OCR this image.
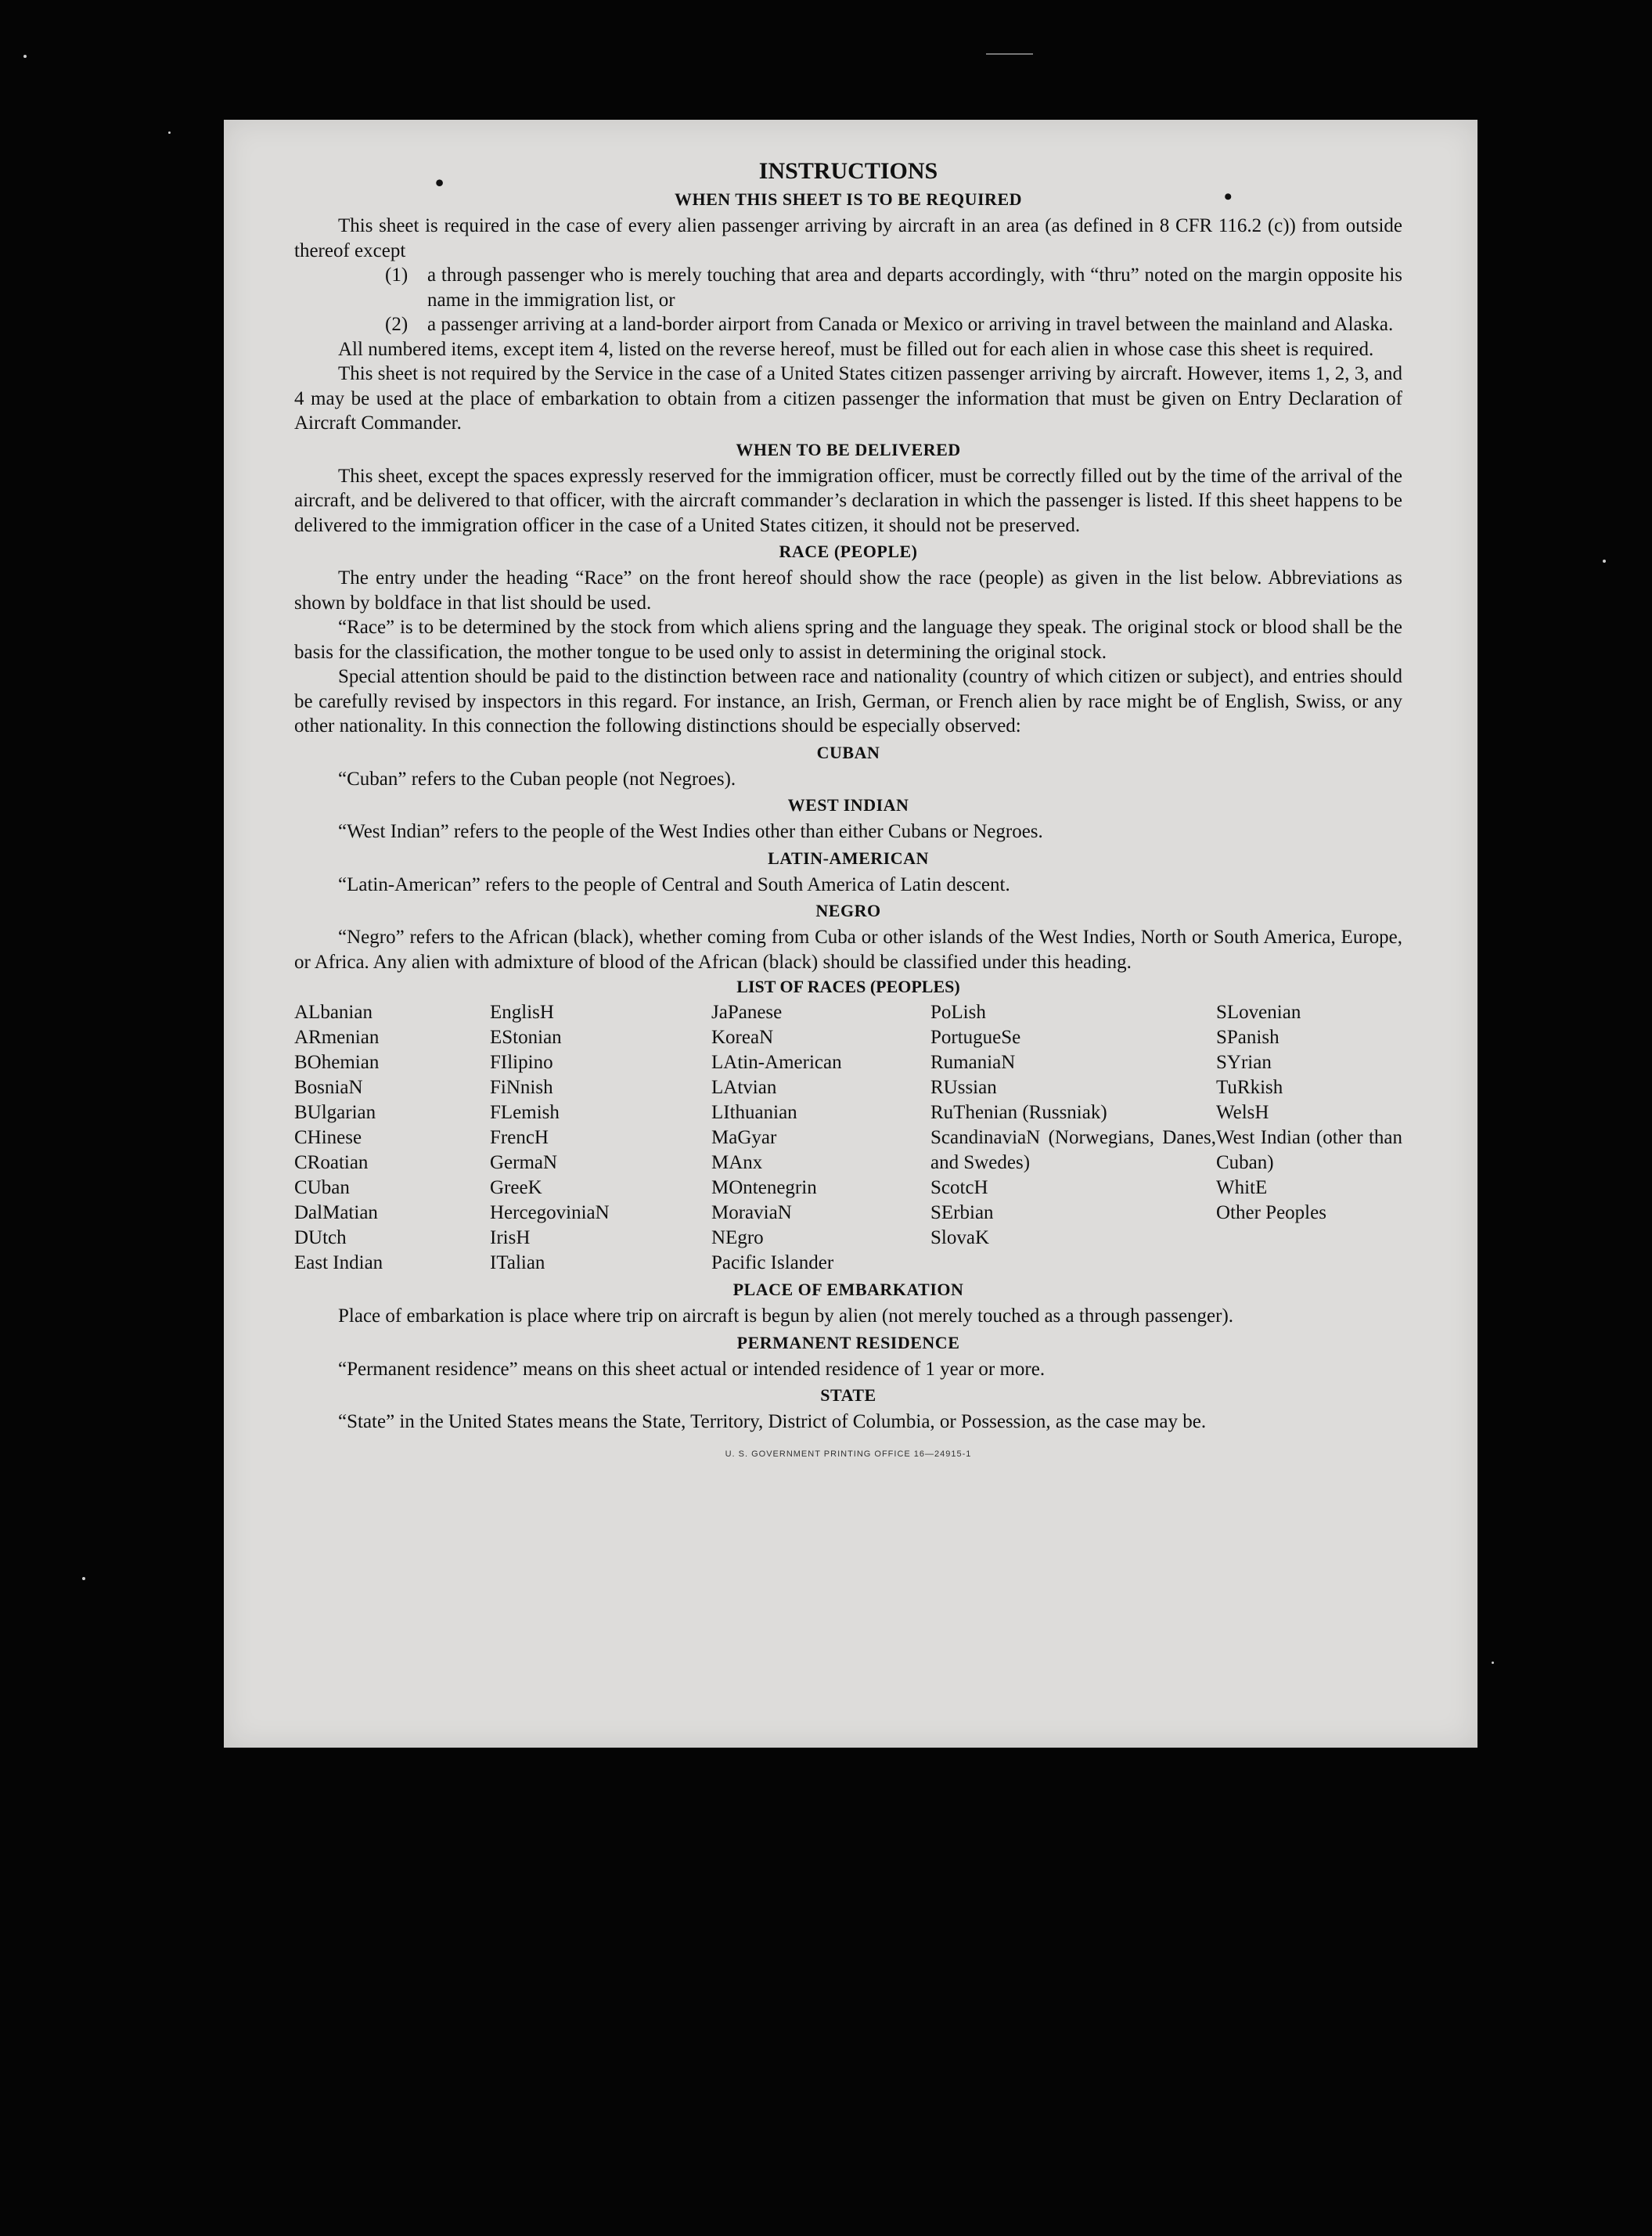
•
•
INSTRUCTIONS
WHEN THIS SHEET IS TO BE REQUIRED

This sheet is required in the case of every alien passenger arriving by aircraft in an area (as defined in 8 CFR 116.2 (c)) from outside thereof except

(1) a through passenger who is merely touching that area and departs accordingly, with “thru” noted on the margin opposite his name in the immigration list, or
(2) a passenger arriving at a land-border airport from Canada or Mexico or arriving in travel between the mainland and Alaska.

All numbered items, except item 4, listed on the reverse hereof, must be filled out for each alien in whose case this sheet is required.

This sheet is not required by the Service in the case of a United States citizen passenger arriving by aircraft. However, items 1, 2, 3, and 4 may be used at the place of embarkation to obtain from a citizen passenger the information that must be given on Entry Declaration of Aircraft Commander.

WHEN TO BE DELIVERED

This sheet, except the spaces expressly reserved for the immigration officer, must be correctly filled out by the time of the arrival of the aircraft, and be delivered to that officer, with the aircraft commander’s declaration in which the passenger is listed. If this sheet happens to be delivered to the immigration officer in the case of a United States citizen, it should not be preserved.

RACE (PEOPLE)

The entry under the heading “Race” on the front hereof should show the race (people) as given in the list below. Abbreviations as shown by boldface in that list should be used.

“Race” is to be determined by the stock from which aliens spring and the language they speak. The original stock or blood shall be the basis for the classification, the mother tongue to be used only to assist in determining the original stock.

Special attention should be paid to the distinction between race and nationality (country of which citizen or subject), and entries should be carefully revised by inspectors in this regard. For instance, an Irish, German, or French alien by race might be of English, Swiss, or any other nationality. In this connection the following distinctions should be especially observed:

CUBAN

“Cuban” refers to the Cuban people (not Negroes).

WEST INDIAN

“West Indian” refers to the people of the West Indies other than either Cubans or Negroes.

LATIN-AMERICAN

“Latin-American” refers to the people of Central and South America of Latin descent.

NEGRO

“Negro” refers to the African (black), whether coming from Cuba or other islands of the West Indies, North or South America, Europe, or Africa. Any alien with admixture of blood of the African (black) should be classified under this heading.

LIST OF RACES (PEOPLES)
ALbanian
ARmenian
BOhemian
BosniaN
BUlgarian
CHinese
CRoatian
CUban
DalMatian
DUtch
East Indian
EnglisH
EStonian
FIlipino
FiNnish
FLemish
FrencH
GermaN
GreeK
HercegoviniaN
IrisH
ITalian
JaPanese
KoreaN
LAtin-American
LAtvian
LIthuanian
MaGyar
MAnx
MOntenegrin
MoraviaN
NEgro
Pacific Islander
PoLish
PortugueSe
RumaniaN
RUssian
RuThenian (Russniak)
ScandinaviaN (Norwegians, Danes, and Swedes)
ScotcH
SErbian
SlovaK
SLovenian
SPanish
SYrian
TuRkish
WelsH
West Indian (other than Cuban)
WhitE
Other Peoples
PLACE OF EMBARKATION

Place of embarkation is place where trip on aircraft is begun by alien (not merely touched as a through passenger).

PERMANENT RESIDENCE

“Permanent residence” means on this sheet actual or intended residence of 1 year or more.

STATE

“State” in the United States means the State, Territory, District of Columbia, or Possession, as the case may be.

U. S. GOVERNMENT PRINTING OFFICE 16—24915-1
